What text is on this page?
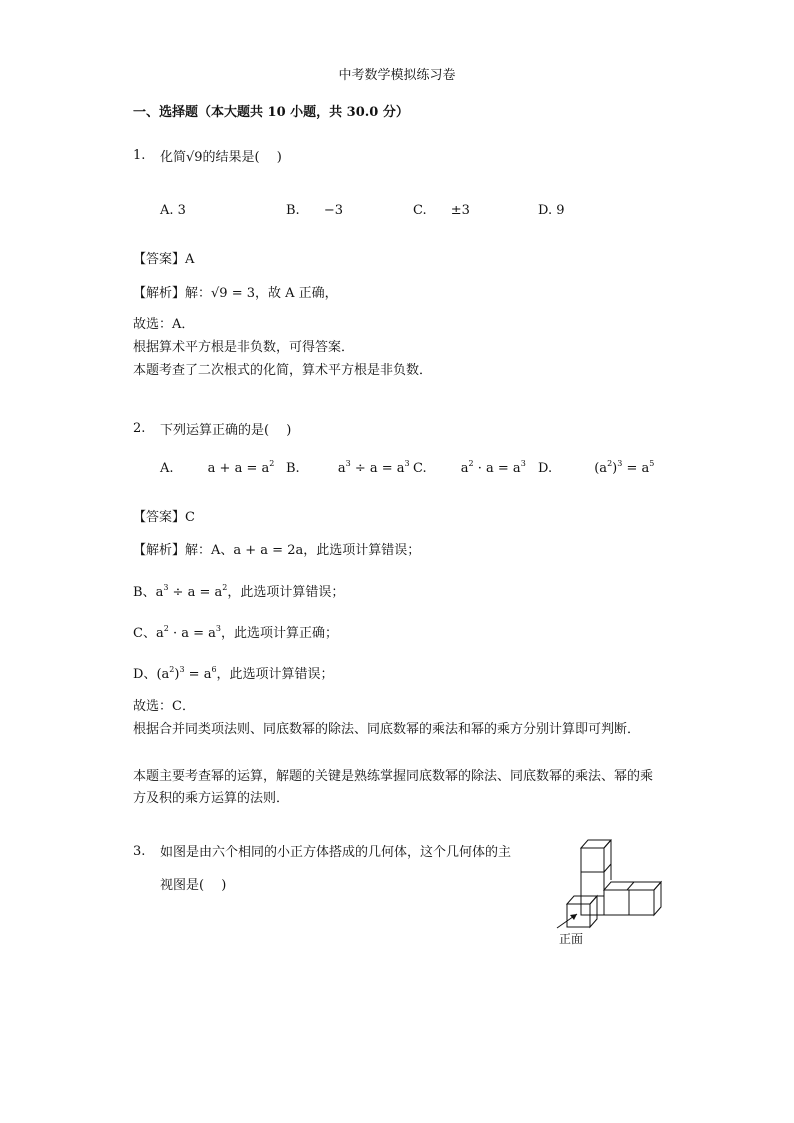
中考数学模拟练习卷
一、选择题（本大题共 10 小题，共 30.0 分）
1. 化简√9的结果是(  )
A. 3	B. −3	C. ±3	D. 9
【答案】A
【解析】解：√9 = 3，故 A 正确，
故选：A．
根据算术平方根是非负数，可得答案．
本题考查了二次根式的化简，算术平方根是非负数．
2. 下列运算正确的是(  )
A.	$a + a = a^2$ B.	$a^3 \div a = a^3$ C.	$a^2 \cdot a = a^3$ D.	$(a^2)^3 = a^5$
【答案】C
【解析】解：A、a + a = 2a，此选项计算错误；
B、$a^3 \div a = a^2$，此选项计算错误；
C、$a^2 \cdot a = a^3$，此选项计算正确；
D、$(a^2)^3 = a^6$，此选项计算错误；
故选：C．
根据合并同类项法则、同底数幂的除法、同底数幂的乘法和幂的乘方分别计算即可判断．
本题主要考查幂的运算，解题的关键是熟练掌握同底数幂的除法、同底数幂的乘法、幂的乘方及积的乘方运算的法则．
3. 如图是由六个相同的小正方体搭成的几何体，这个几何体的主
视图是(  )
正面
